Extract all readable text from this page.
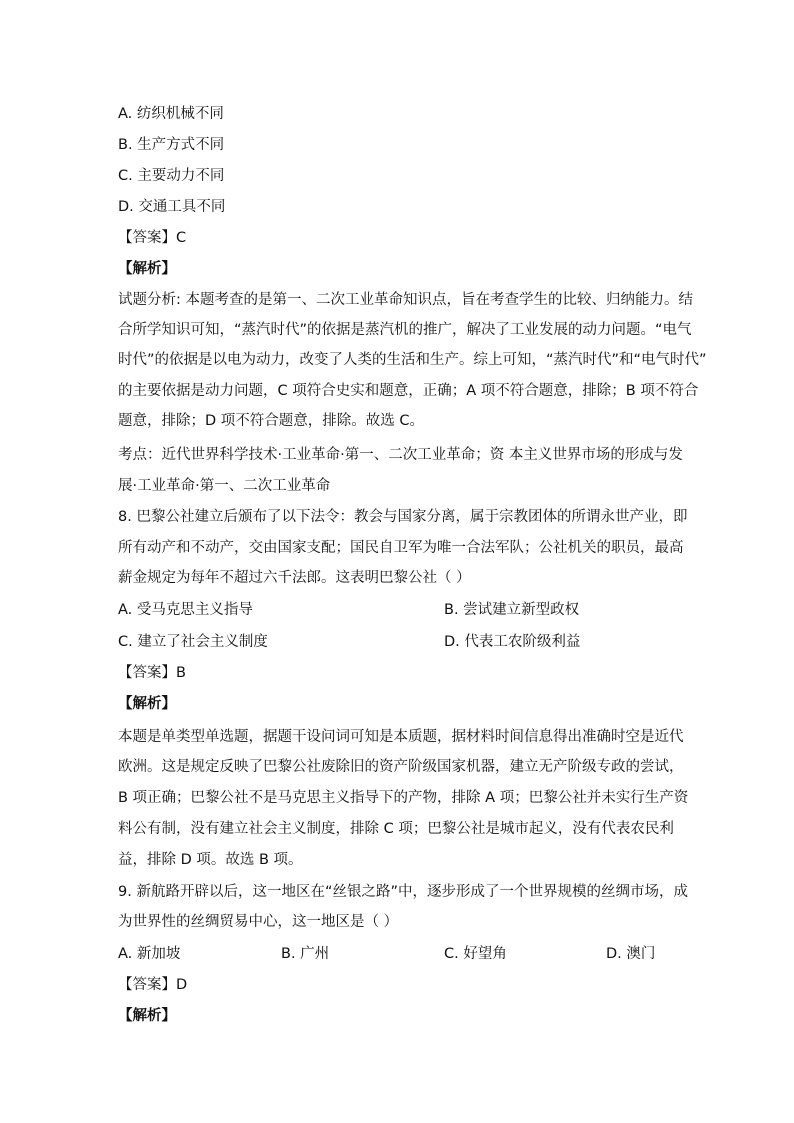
A. 纺织机械不同
B. 生产方式不同
C. 主要动力不同
D. 交通工具不同
【答案】C
【解析】
试题分析: 本题考查的是第一、二次工业革命知识点，旨在考查学生的比较、归纳能力。结
合所学知识可知，“蒸汽时代”的依据是蒸汽机的推广，解决了工业发展的动力问题。“电气
时代”的依据是以电为动力，改变了人类的生活和生产。综上可知，“蒸汽时代”和“电气时代”
的主要依据是动力问题，C 项符合史实和题意，正确；A 项不符合题意，排除；B 项不符合
题意，排除；D 项不符合题意，排除。故选 C。
考点：近代世界科学技术·工业革命·第一、二次工业革命；资 本主义世界市场的形成与发
展·工业革命·第一、二次工业革命
8. 巴黎公社建立后颁布了以下法令：教会与国家分离，属于宗教团体的所谓永世产业，即
所有动产和不动产，交由国家支配；国民自卫军为唯一合法军队；公社机关的职员，最高
薪金规定为每年不超过六千法郎。这表明巴黎公社（ ）
A. 受马克思主义指导	B. 尝试建立新型政权
C. 建立了社会主义制度	D. 代表工农阶级利益
【答案】B
【解析】
本题是单类型单选题，据题干设问词可知是本质题，据材料时间信息得出准确时空是近代
欧洲。这是规定反映了巴黎公社废除旧的资产阶级国家机器，建立无产阶级专政的尝试，
B 项正确；巴黎公社不是马克思主义指导下的产物，排除 A 项；巴黎公社并未实行生产资
料公有制，没有建立社会主义制度，排除 C 项；巴黎公社是城市起义，没有代表农民利
益，排除 D 项。故选 B 项。
9. 新航路开辟以后，这一地区在“丝银之路”中，逐步形成了一个世界规模的丝绸市场，成
为世界性的丝绸贸易中心，这一地区是（ ）
A. 新加坡	B. 广州	C. 好望角	D. 澳门
【答案】D
【解析】
